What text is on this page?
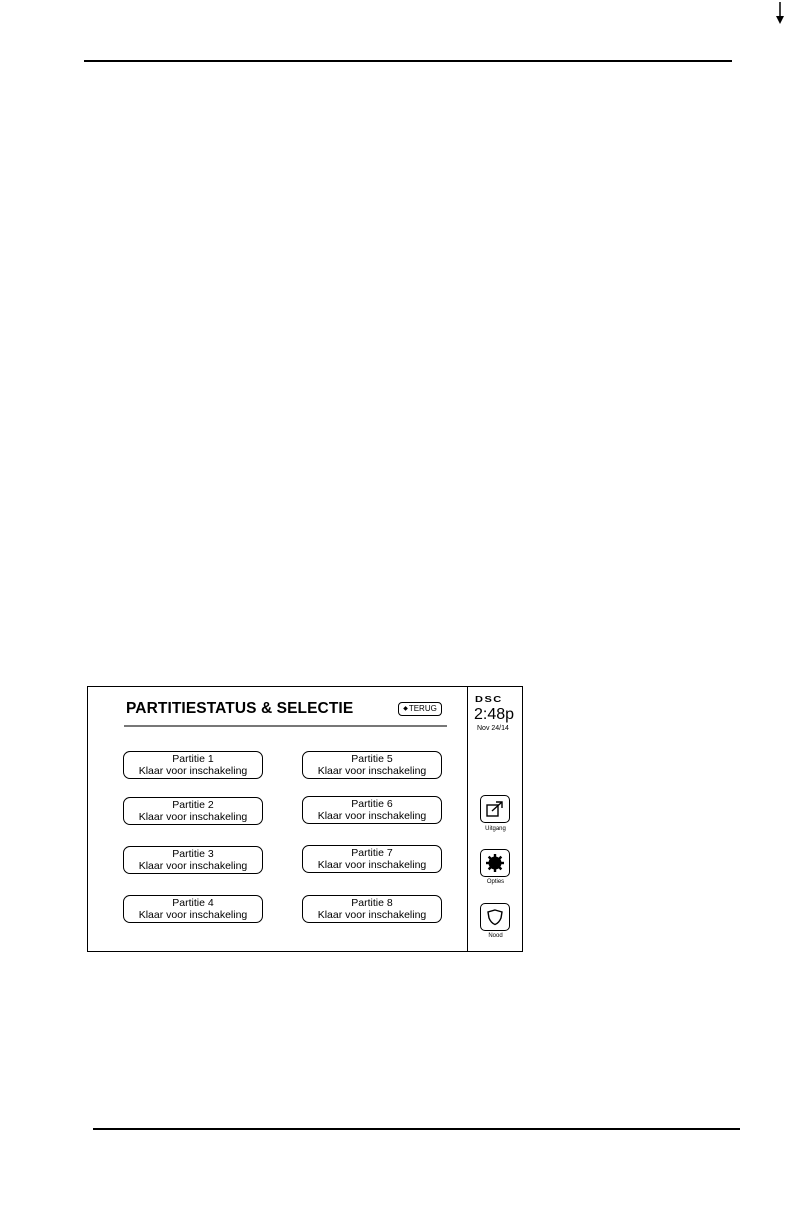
PARTITIESTATUS & SELECTIE	◆TERUG
Partitie 1
Klaar voor inschakeling
Partitie 2
Klaar voor inschakeling
Partitie 3
Klaar voor inschakeling
Partitie 4
Klaar voor inschakeling
Partitie 5
Klaar voor inschakeling
Partitie 6
Klaar voor inschakeling
Partitie 7
Klaar voor inschakeling
Partitie 8
Klaar voor inschakeling
DSC
2:48p
Nov 24/14
Uitgang
Opties
Nood
